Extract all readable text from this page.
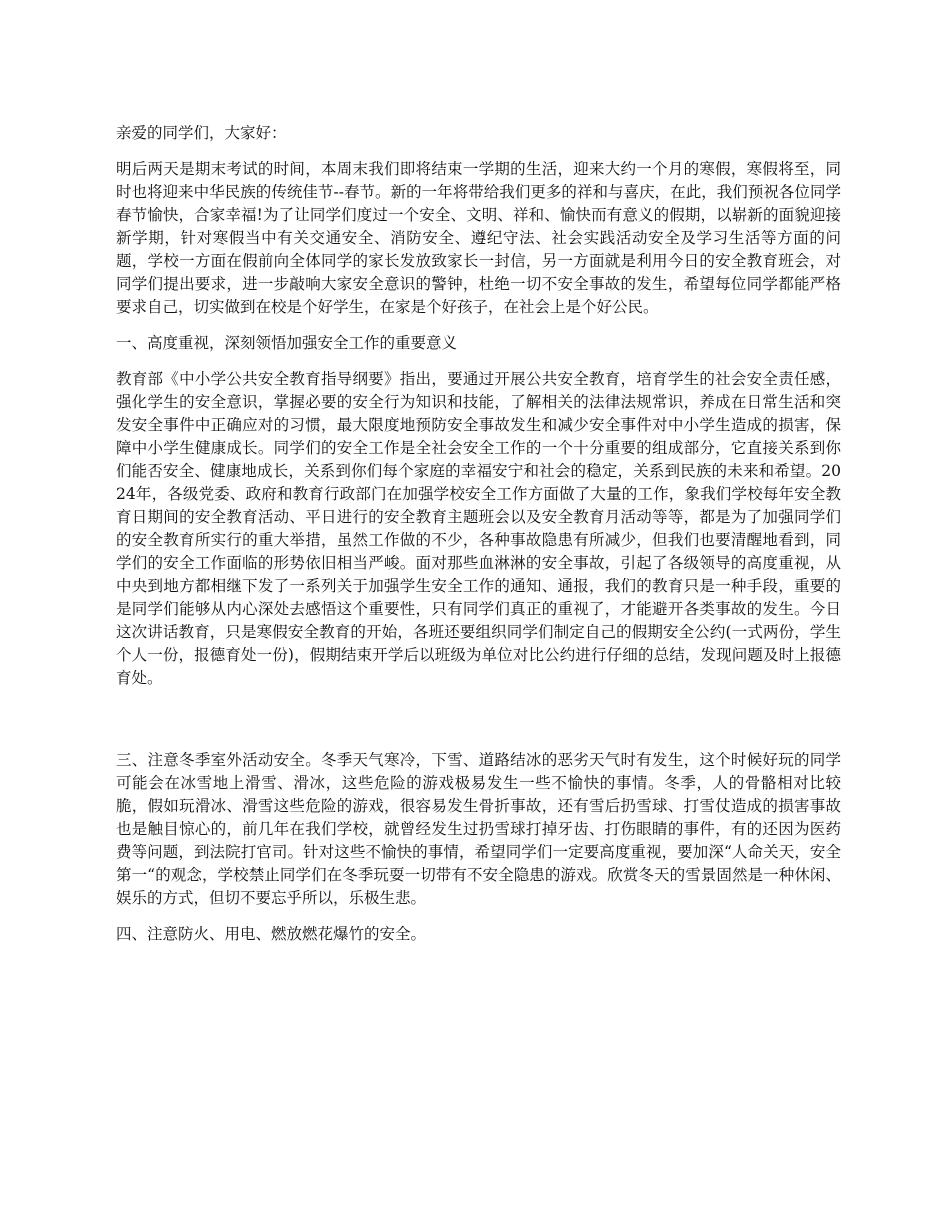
亲爱的同学们，大家好：

明后两天是期末考试的时间，本周末我们即将结束一学期的生活，迎来大约一个月的寒假，寒假将至，同时也将迎来中华民族的传统佳节--春节。新的一年将带给我们更多的祥和与喜庆，在此，我们预祝各位同学春节愉快，合家幸福!为了让同学们度过一个安全、文明、祥和、愉快而有意义的假期，以崭新的面貌迎接新学期，针对寒假当中有关交通安全、消防安全、遵纪守法、社会实践活动安全及学习生活等方面的问题，学校一方面在假前向全体同学的家长发放致家长一封信，另一方面就是利用今日的安全教育班会，对同学们提出要求，进一步敲响大家安全意识的警钟，杜绝一切不安全事故的发生，希望每位同学都能严格要求自己，切实做到在校是个好学生，在家是个好孩子，在社会上是个好公民。

一、高度重视，深刻领悟加强安全工作的重要意义

教育部《中小学公共安全教育指导纲要》指出，要通过开展公共安全教育，培育学生的社会安全责任感，强化学生的安全意识，掌握必要的安全行为知识和技能，了解相关的法律法规常识，养成在日常生活和突发安全事件中正确应对的习惯，最大限度地预防安全事故发生和减少安全事件对中小学生造成的损害，保障中小学生健康成长。同学们的安全工作是全社会安全工作的一个十分重要的组成部分，它直接关系到你们能否安全、健康地成长，关系到你们每个家庭的幸福安宁和社会的稳定，关系到民族的未来和希望。2024年，各级党委、政府和教育行政部门在加强学校安全工作方面做了大量的工作，象我们学校每年安全教育日期间的安全教育活动、平日进行的安全教育主题班会以及安全教育月活动等等，都是为了加强同学们的安全教育所实行的重大举措，虽然工作做的不少，各种事故隐患有所减少，但我们也要清醒地看到，同学们的安全工作面临的形势依旧相当严峻。面对那些血淋淋的安全事故，引起了各级领导的高度重视，从中央到地方都相继下发了一系列关于加强学生安全工作的通知、通报，我们的教育只是一种手段，重要的是同学们能够从内心深处去感悟这个重要性，只有同学们真正的重视了，才能避开各类事故的发生。今日这次讲话教育，只是寒假安全教育的开始，各班还要组织同学们制定自己的假期安全公约(一式两份，学生个人一份，报德育处一份)，假期结束开学后以班级为单位对比公约进行仔细的总结，发现问题及时上报德育处。

三、注意冬季室外活动安全。冬季天气寒冷，下雪、道路结冰的恶劣天气时有发生，这个时候好玩的同学可能会在冰雪地上滑雪、滑冰，这些危险的游戏极易发生一些不愉快的事情。冬季，人的骨骼相对比较脆，假如玩滑冰、滑雪这些危险的游戏，很容易发生骨折事故，还有雪后扔雪球、打雪仗造成的损害事故也是触目惊心的，前几年在我们学校，就曾经发生过扔雪球打掉牙齿、打伤眼睛的事件，有的还因为医药费等问题，到法院打官司。针对这些不愉快的事情，希望同学们一定要高度重视，要加深“人命关天，安全第一“的观念，学校禁止同学们在冬季玩耍一切带有不安全隐患的游戏。欣赏冬天的雪景固然是一种休闲、娱乐的方式，但切不要忘乎所以，乐极生悲。

四、注意防火、用电、燃放燃花爆竹的安全。
